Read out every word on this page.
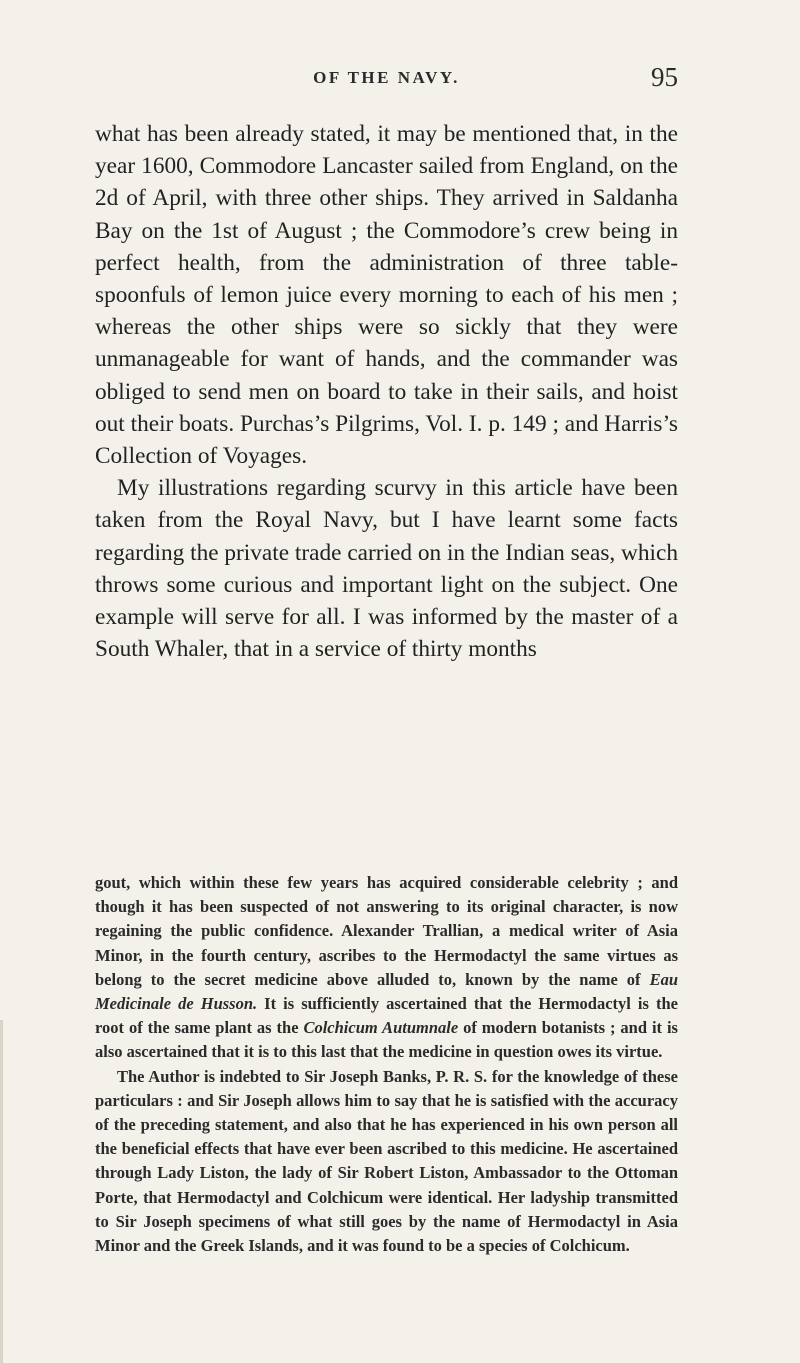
OF THE NAVY.	95

what has been already stated, it may be mentioned that, in the year 1600, Commodore Lancaster sailed from England, on the 2d of April, with three other ships. They arrived in Saldanha Bay on the 1st of August ; the Commodore’s crew being in perfect health, from the administration of three table-spoonfuls of lemon juice every morning to each of his men ; whereas the other ships were so sickly that they were unmanageable for want of hands, and the commander was obliged to send men on board to take in their sails, and hoist out their boats. Purchas’s Pilgrims, Vol. I. p. 149 ; and Harris’s Collection of Voyages.

My illustrations regarding scurvy in this article have been taken from the Royal Navy, but I have learnt some facts regarding the private trade carried on in the Indian seas, which throws some curious and important light on the subject. One example will serve for all. I was informed by the master of a South Whaler, that in a service of thirty months

gout, which within these few years has acquired considerable celebrity ; and though it has been suspected of not answering to its original character, is now regaining the public confidence. Alexander Trallian, a medical writer of Asia Minor, in the fourth century, ascribes to the Hermodactyl the same virtues as belong to the secret medicine above alluded to, known by the name of Eau Medicinale de Husson. It is sufficiently ascertained that the Hermodactyl is the root of the same plant as the Colchicum Autumnale of modern botanists ; and it is also ascertained that it is to this last that the medicine in question owes its virtue.

The Author is indebted to Sir Joseph Banks, P. R. S. for the knowledge of these particulars : and Sir Joseph allows him to say that he is satisfied with the accuracy of the preceding statement, and also that he has experienced in his own person all the beneficial effects that have ever been ascribed to this medicine. He ascertained through Lady Liston, the lady of Sir Robert Liston, Ambassador to the Ottoman Porte, that Hermodactyl and Colchicum were identical. Her ladyship transmitted to Sir Joseph specimens of what still goes by the name of Hermodactyl in Asia Minor and the Greek Islands, and it was found to be a species of Colchicum.
